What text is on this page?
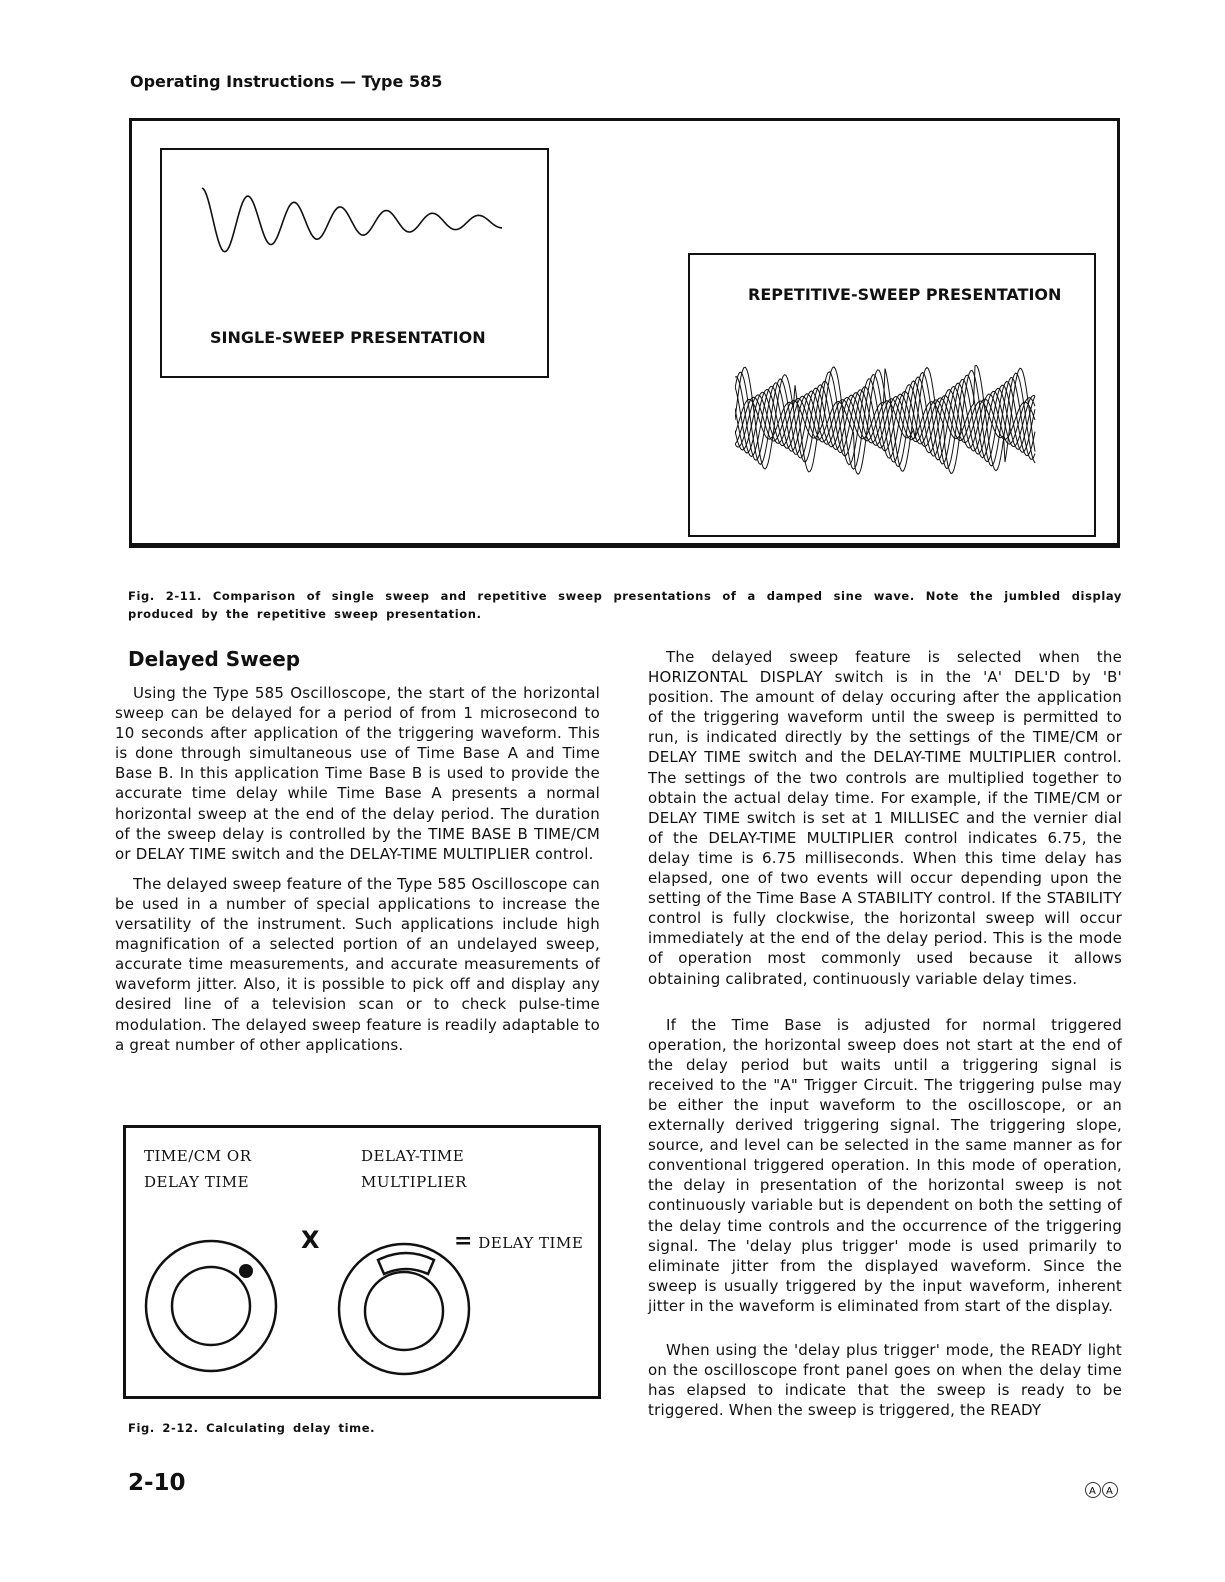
Operating Instructions — Type 585
SINGLE-SWEEP PRESENTATION
REPETITIVE-SWEEP PRESENTATION
Fig. 2-11. Comparison of single sweep and repetitive sweep presentations of a damped sine wave. Note the jumbled display produced by the repetitive sweep presentation.
Delayed Sweep

Using the Type 585 Oscilloscope, the start of the horizontal sweep can be delayed for a period of from 1 microsecond to 10 seconds after application of the triggering waveform. This is done through simultaneous use of Time Base A and Time Base B. In this application Time Base B is used to provide the accurate time delay while Time Base A presents a normal horizontal sweep at the end of the delay period. The duration of the sweep delay is controlled by the TIME BASE B TIME/CM or DELAY TIME switch and the DELAY-TIME MULTIPLIER control.

The delayed sweep feature of the Type 585 Oscilloscope can be used in a number of special applications to increase the versatility of the instrument. Such applications include high magnification of a selected portion of an undelayed sweep, accurate time measurements, and accurate measurements of waveform jitter. Also, it is possible to pick off and display any desired line of a television scan or to check pulse-time modulation. The delayed sweep feature is readily adaptable to a great number of other applications.

TIME/CM OR
DELAY TIME
DELAY-TIME
MULTIPLIER
X	= DELAY TIME
Fig. 2-12. Calculating delay time.

The delayed sweep feature is selected when the HORIZONTAL DISPLAY switch is in the 'A' DEL'D by 'B' position. The amount of delay occuring after the application of the triggering waveform until the sweep is permitted to run, is indicated directly by the settings of the TIME/CM or DELAY TIME switch and the DELAY-TIME MULTIPLIER control. The settings of the two controls are multiplied together to obtain the actual delay time. For example, if the TIME/CM or DELAY TIME switch is set at 1 MILLISEC and the vernier dial of the DELAY-TIME MULTIPLIER control indicates 6.75, the delay time is 6.75 milliseconds. When this time delay has elapsed, one of two events will occur depending upon the setting of the Time Base A STABILITY control. If the STABILITY control is fully clockwise, the horizontal sweep will occur immediately at the end of the delay period. This is the mode of operation most commonly used because it allows obtaining calibrated, continuously variable delay times.

If the Time Base is adjusted for normal triggered operation, the horizontal sweep does not start at the end of the delay period but waits until a triggering signal is received to the "A" Trigger Circuit. The triggering pulse may be either the input waveform to the oscilloscope, or an externally derived triggering signal. The triggering slope, source, and level can be selected in the same manner as for conventional triggered operation. In this mode of operation, the delay in presentation of the horizontal sweep is not continuously variable but is dependent on both the setting of the delay time controls and the occurrence of the triggering signal. The 'delay plus trigger' mode is used primarily to eliminate jitter from the displayed waveform. Since the sweep is usually triggered by the input waveform, inherent jitter in the waveform is eliminated from start of the display.

When using the 'delay plus trigger' mode, the READY light on the oscilloscope front panel goes on when the delay time has elapsed to indicate that the sweep is ready to be triggered. When the sweep is triggered, the READY

2-10	A A
